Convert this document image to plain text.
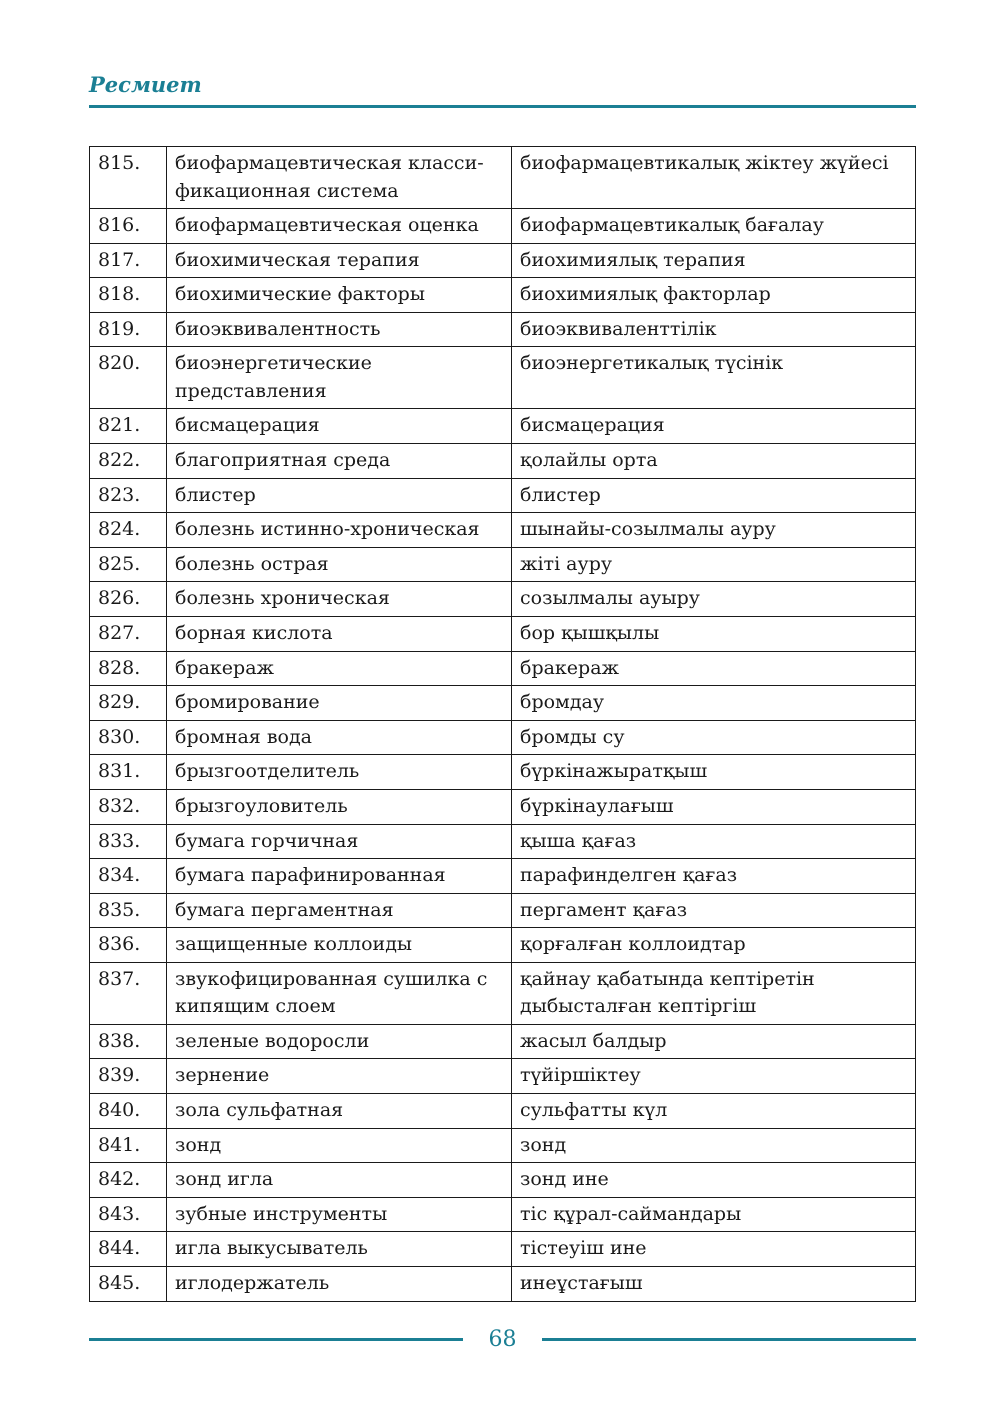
Ресмиет
815.	биофармацевтическая класси-фикационная система	биофармацевтикалық жіктеу жүйесі
816.	биофармацевтическая оценка	биофармацевтикалық бағалау
817.	биохимическая терапия	биохимиялық терапия
818.	биохимические факторы	биохимиялық факторлар
819.	биоэквивалентность	биоэквиваленттілік
820.	биоэнергетические представления	биоэнергетикалық түсінік
821.	бисмацерация	бисмацерация
822.	благоприятная среда	қолайлы орта
823.	блистер	блистер
824.	болезнь истинно-хроническая	шынайы-созылмалы ауру
825.	болезнь острая	жіті ауру
826.	болезнь хроническая	созылмалы ауыру
827.	борная кислота	бор қышқылы
828.	бракераж	бракераж
829.	бромирование	бромдау
830.	бромная вода	бромды су
831.	брызгоотделитель	бүркінажыратқыш
832.	брызгоуловитель	бүркінаулағыш
833.	бумага горчичная	қыша қағаз
834.	бумага парафинированная	парафинделген қағаз
835.	бумага пергаментная	пергамент қағаз
836.	защищенные коллоиды	қорғалған коллоидтар
837.	звукофицированная сушилка с кипящим слоем	қайнау қабатында кептіретін дыбысталған кептіргіш
838.	зеленые водоросли	жасыл балдыр
839.	зернение	түйіршіктеу
840.	зола сульфатная	сульфатты күл
841.	зонд	зонд
842.	зонд игла	зонд ине
843.	зубные инструменты	тіс құрал-саймандары
844.	игла выкусыватель	тістеуіш ине
845.	иглодержатель	инеұстағыш
68
